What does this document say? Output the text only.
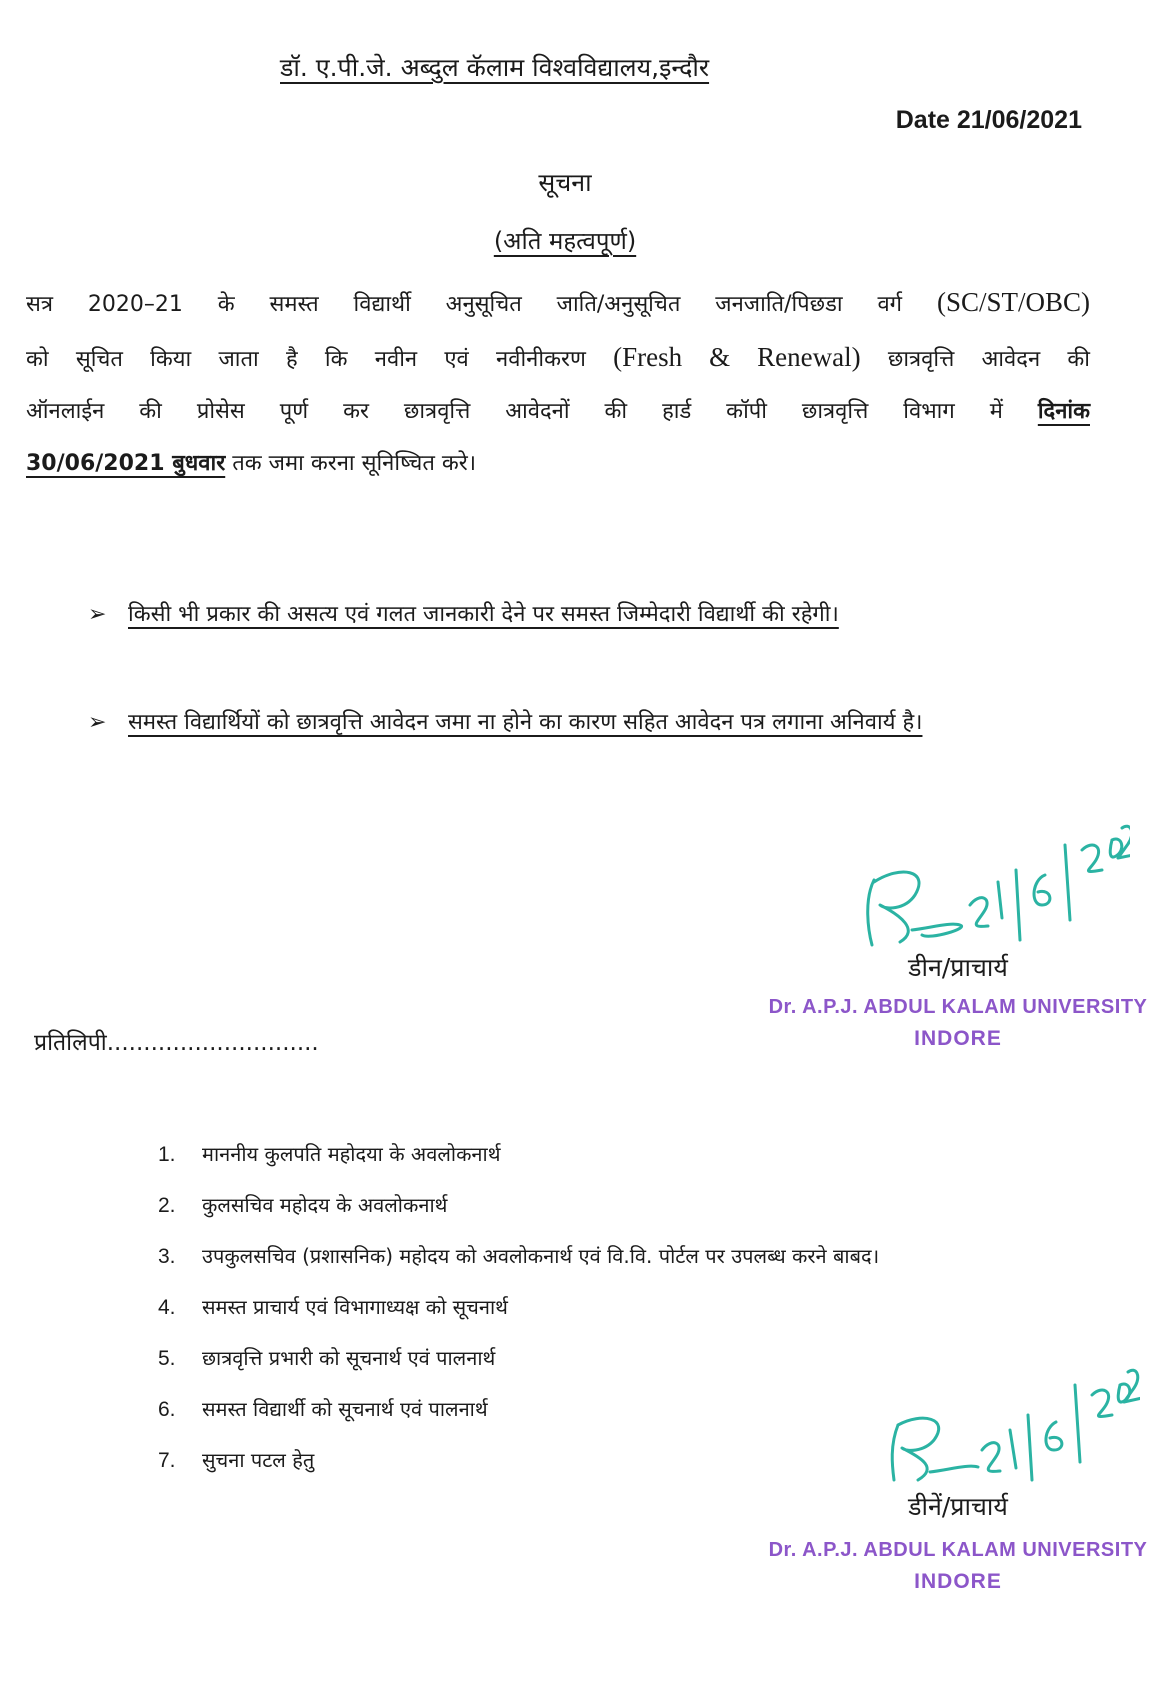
डॉ. ए.पी.जे. अब्दुल कॅलाम विश्वविद्यालय,इन्दौर
Date 21/06/2021
सूचना
(अति महत्वपूर्ण)
सत्र 2020–21 के समस्त विद्यार्थी अनुसूचित जाति/अनुसूचित जनजाति/पिछडा वर्ग (SC/ST/OBC)
को सूचित किया जाता है कि नवीन एवं नवीनीकरण (Fresh & Renewal) छात्रवृत्ति आवेदन की
ऑनलाईन की प्रोसेस पूर्ण कर छात्रवृत्ति आवेदनों की हार्ड कॉपी छात्रवृत्ति विभाग में दिनांक
30/06/2021 बुधवार तक जमा करना सूनिष्चित करे।
➢ किसी भी प्रकार की असत्य एवं गलत जानकारी देने पर समस्त जिम्मेदारी विद्यार्थी की रहेगी।
➢ समस्त विद्यार्थियों को छात्रवृत्ति आवेदन जमा ना होने का कारण सहित आवेदन पत्र लगाना अनिवार्य है।
डीन/प्राचार्य
Dr. A.P.J. ABDUL KALAM UNIVERSITY
INDORE
प्रतिलिपी.............................
1. माननीय कुलपति महोदया के अवलोकनार्थ
2. कुलसचिव महोदय के अवलोकनार्थ
3. उपकुलसचिव (प्रशासनिक) महोदय को अवलोकनार्थ एवं वि.वि. पोर्टल पर उपलब्ध करने बाबद।
4. समस्त प्राचार्य एवं विभागाध्यक्ष को सूचनार्थ
5. छात्रवृत्ति प्रभारी को सूचनार्थ एवं पालनार्थ
6. समस्त विद्यार्थी को सूचनार्थ एवं पालनार्थ
7. सुचना पटल हेतु
डीनें/प्राचार्य
Dr. A.P.J. ABDUL KALAM UNIVERSITY
INDORE
